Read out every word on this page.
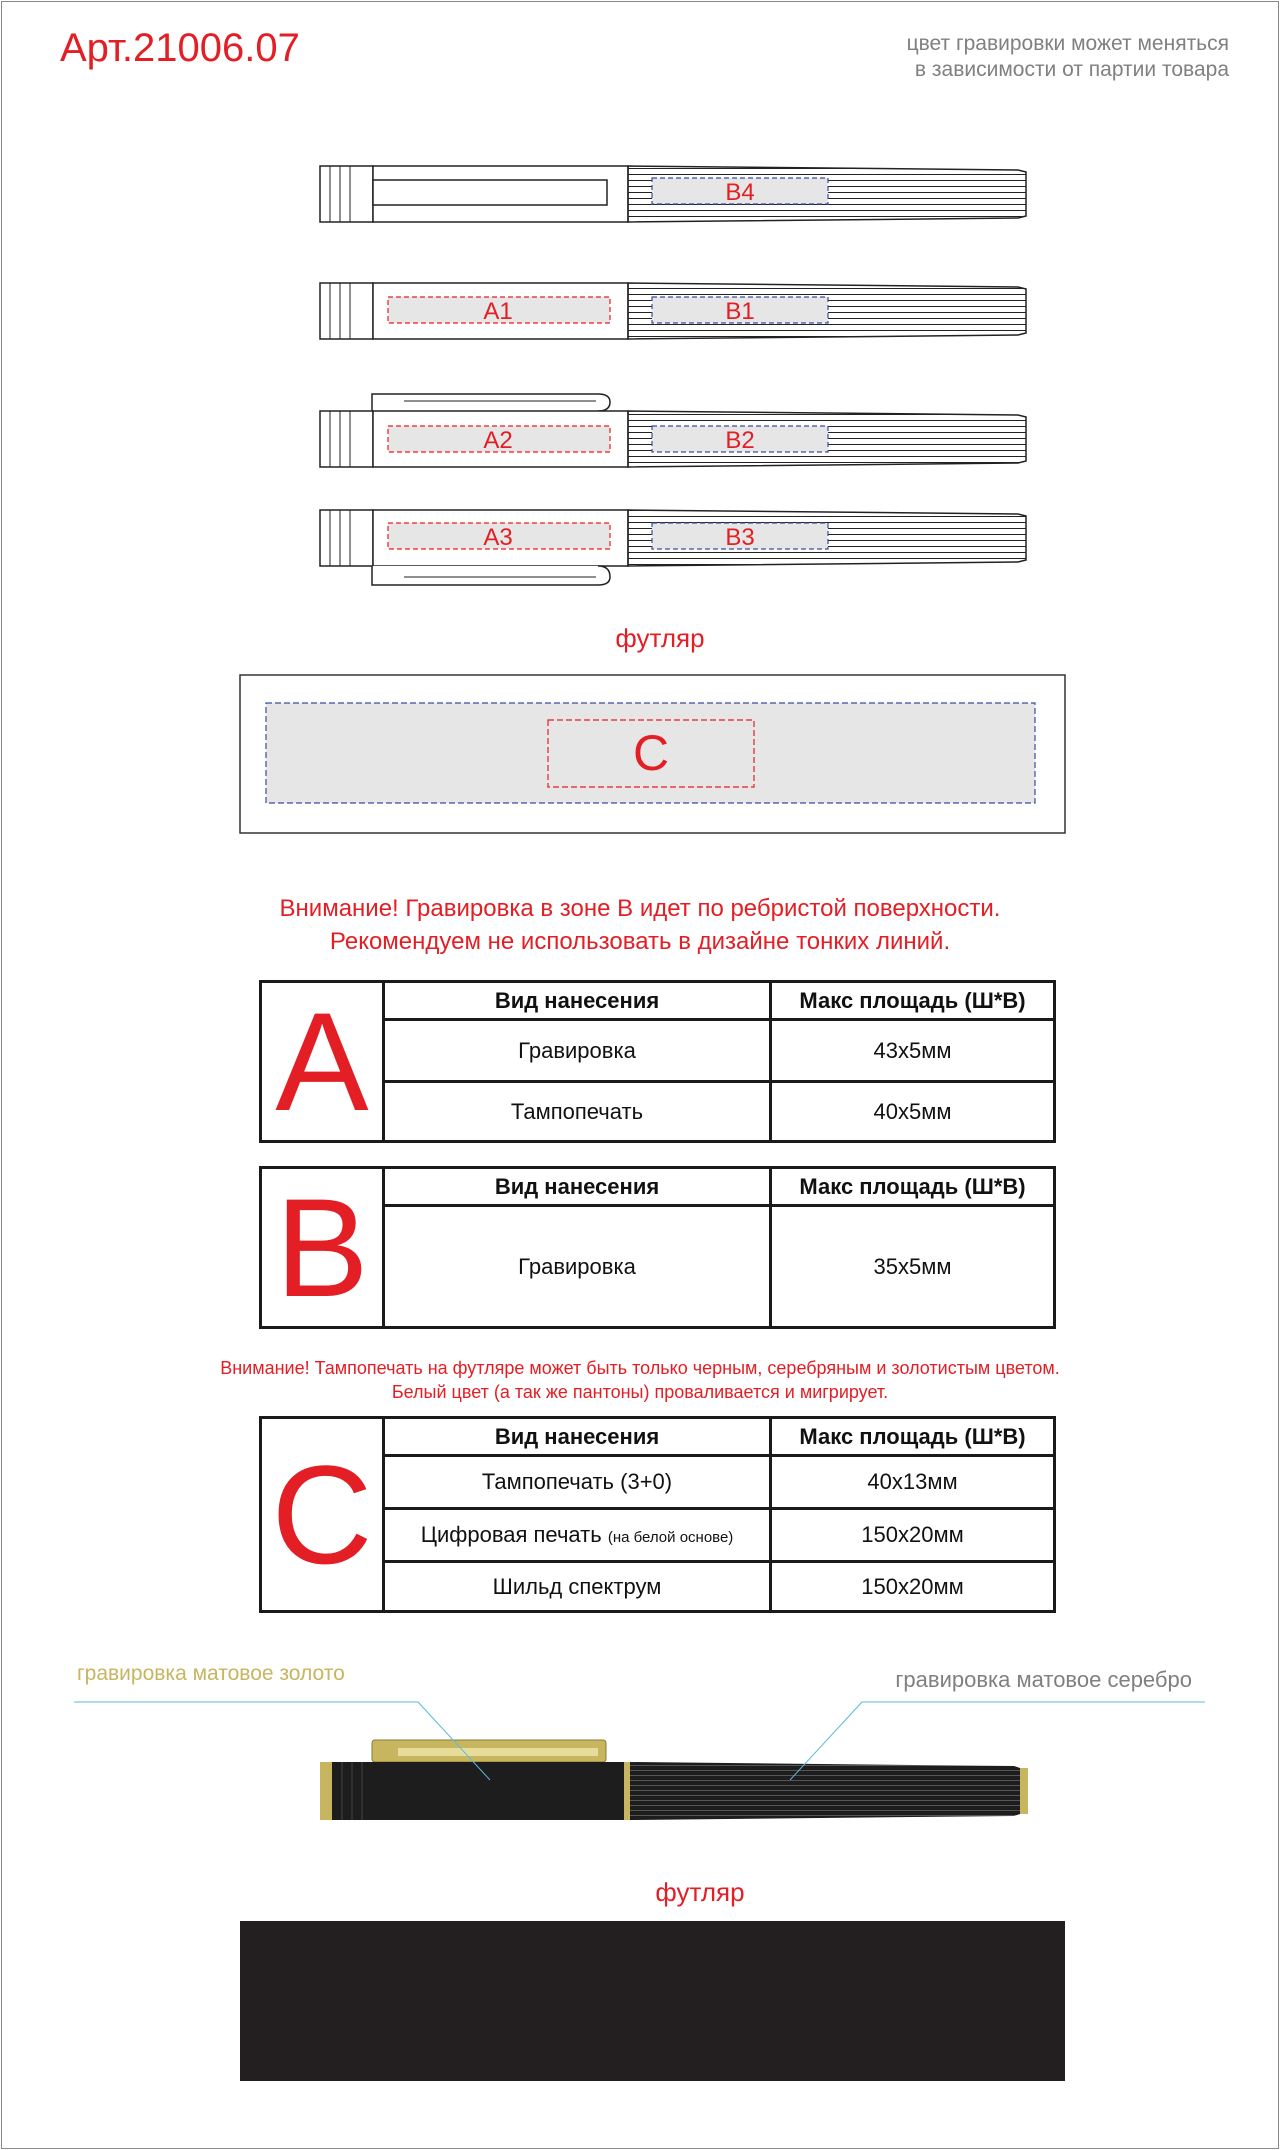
Арт.21006.07	цвет гравировки может меняться
в зависимости от партии товара
B4
A1	B1
A2	B2
A3	B3
футляр
C
Внимание! Гравировка в зоне В идет по ребристой поверхности.
Рекомендуем не использовать в дизайне тонких линий.
A	Вид нанесения	Макс площадь (Ш*В)
	Гравировка	43х5мм
	Тампопечать	40х5мм
B	Вид нанесения	Макс площадь (Ш*В)
	Гравировка	35х5мм
Внимание! Тампопечать на футляре может быть только черным, серебряным и золотистым цветом.
Белый цвет (а так же пантоны) проваливается и мигрирует.
C	Вид нанесения	Макс площадь (Ш*В)
	Тампопечать (3+0)	40х13мм
	Цифровая печать (на белой основе)	150х20мм
	Шильд спектрум	150х20мм
гравировка матовое золото	гравировка матовое серебро
футляр
